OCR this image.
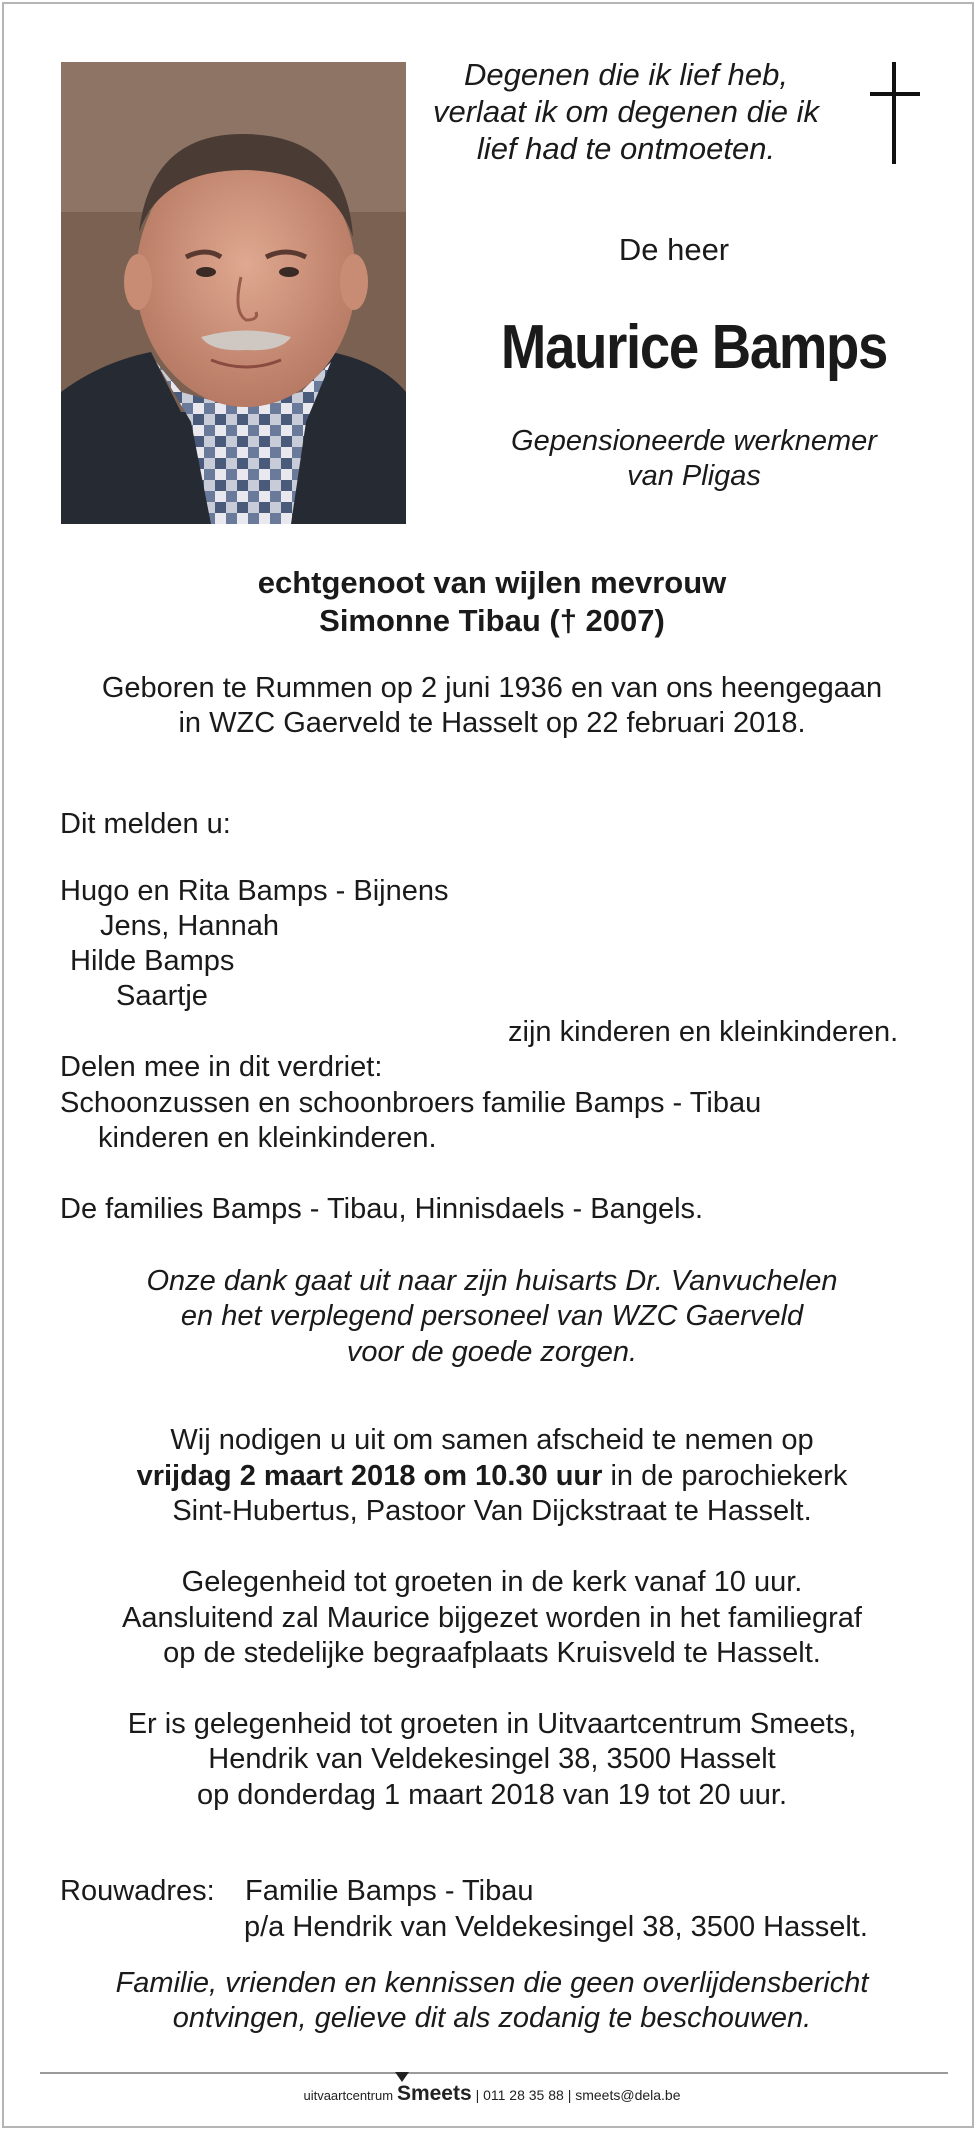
Degenen die ik lief heb,
verlaat ik om degenen die ik
lief had te ontmoeten.
De heer
Maurice Bamps
Gepensioneerde werknemer
van Pligas
echtgenoot van wijlen mevrouw
Simonne Tibau († 2007)
Geboren te Rummen op 2 juni 1936 en van ons heengegaan
in WZC Gaerveld te Hasselt op 22 februari 2018.
Dit melden u:
Hugo en Rita Bamps - Bijnens
Jens, Hannah
Hilde Bamps
Saartje
zijn kinderen en kleinkinderen.
Delen mee in dit verdriet:
Schoonzussen en schoonbroers familie Bamps - Tibau
kinderen en kleinkinderen.
De families Bamps - Tibau, Hinnisdaels - Bangels.
Onze dank gaat uit naar zijn huisarts Dr. Vanvuchelen
en het verplegend personeel van WZC Gaerveld
voor de goede zorgen.
Wij nodigen u uit om samen afscheid te nemen op
vrijdag 2 maart 2018 om 10.30 uur in de parochiekerk
Sint-Hubertus, Pastoor Van Dijckstraat te Hasselt.
Gelegenheid tot groeten in de kerk vanaf 10 uur.
Aansluitend zal Maurice bijgezet worden in het familiegraf
op de stedelijke begraafplaats Kruisveld te Hasselt.
Er is gelegenheid tot groeten in Uitvaartcentrum Smeets,
Hendrik van Veldekesingel 38, 3500 Hasselt
op donderdag 1 maart 2018 van 19 tot 20 uur.
Rouwadres: Familie Bamps - Tibau
p/a Hendrik van Veldekesingel 38, 3500 Hasselt.
Familie, vrienden en kennissen die geen overlijdensbericht
ontvingen, gelieve dit als zodanig te beschouwen.
uitvaartcentrum Smeets | 011 28 35 88 | smeets@dela.be
